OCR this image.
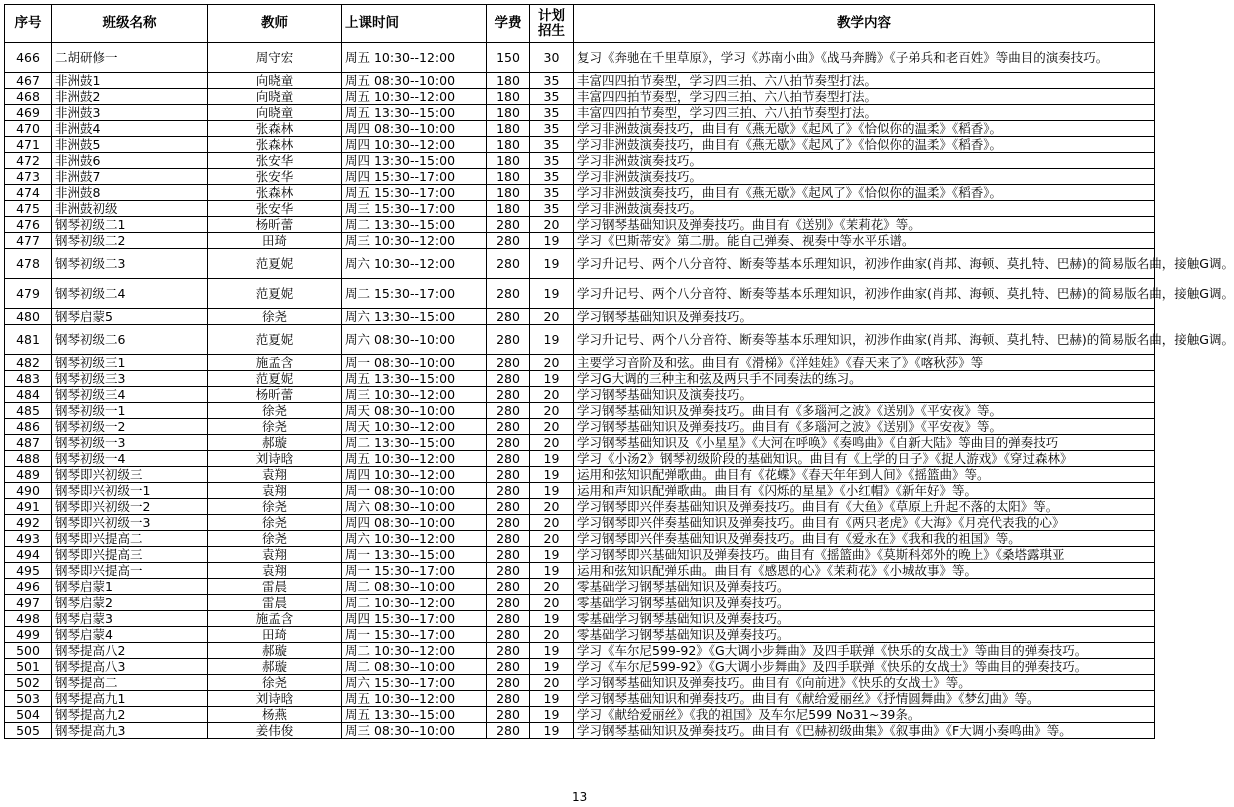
序号	班级名称	教师	上课时间	学费	计划招生	教学内容
466	二胡研修一	周守宏	周五 10:30--12:00	150	30	复习《奔驰在千里草原》，学习《苏南小曲》《战马奔腾》《子弟兵和老百姓》等曲目的演奏技巧。
467	非洲鼓1	向晓童	周五 08:30--10:00	180	35	丰富四四拍节奏型，学习四三拍、六八拍节奏型打法。
468	非洲鼓2	向晓童	周五 10:30--12:00	180	35	丰富四四拍节奏型，学习四三拍、六八拍节奏型打法。
469	非洲鼓3	向晓童	周五 13:30--15:00	180	35	丰富四四拍节奏型，学习四三拍、六八拍节奏型打法。
470	非洲鼓4	张森林	周四 08:30--10:00	180	35	学习非洲鼓演奏技巧，曲目有《燕无歇》《起风了》《恰似你的温柔》《稻香》。
471	非洲鼓5	张森林	周四 10:30--12:00	180	35	学习非洲鼓演奏技巧，曲目有《燕无歇》《起风了》《恰似你的温柔》《稻香》。
472	非洲鼓6	张安华	周四 13:30--15:00	180	35	学习非洲鼓演奏技巧。
473	非洲鼓7	张安华	周四 15:30--17:00	180	35	学习非洲鼓演奏技巧。
474	非洲鼓8	张森林	周五 15:30--17:00	180	35	学习非洲鼓演奏技巧，曲目有《燕无歇》《起风了》《恰似你的温柔》《稻香》。
475	非洲鼓初级	张安华	周三 15:30--17:00	180	35	学习非洲鼓演奏技巧。
476	钢琴初级二1	杨昕蕾	周二 13:30--15:00	280	20	学习钢琴基础知识及弹奏技巧。曲目有《送别》《茉莉花》等。
477	钢琴初级二2	田琦	周三 10:30--12:00	280	19	学习《巴斯蒂安》第二册。能自己弹奏、视奏中等水平乐谱。
478	钢琴初级二3	范夏妮	周六 10:30--12:00	280	19	学习升记号、两个八分音符、断奏等基本乐理知识，初涉作曲家(肖邦、海顿、莫扎特、巴赫)的简易版名曲，接触G调。
479	钢琴初级二4	范夏妮	周二 15:30--17:00	280	19	学习升记号、两个八分音符、断奏等基本乐理知识，初涉作曲家(肖邦、海顿、莫扎特、巴赫)的简易版名曲，接触G调。
480	钢琴启蒙5	徐尧	周六 13:30--15:00	280	20	学习钢琴基础知识及弹奏技巧。
481	钢琴初级二6	范夏妮	周六 08:30--10:00	280	19	学习升记号、两个八分音符、断奏等基本乐理知识，初涉作曲家(肖邦、海顿、莫扎特、巴赫)的简易版名曲，接触G调。
482	钢琴初级三1	施孟含	周一 08:30--10:00	280	20	主要学习音阶及和弦。曲目有《滑梯》《洋娃娃》《春天来了》《喀秋莎》等
483	钢琴初级三3	范夏妮	周五 13:30--15:00	280	19	学习G大调的三种主和弦及两只手不同奏法的练习。
484	钢琴初级三4	杨昕蕾	周三 10:30--12:00	280	20	学习钢琴基础知识及演奏技巧。
485	钢琴初级一1	徐尧	周天 08:30--10:00	280	20	学习钢琴基础知识及弹奏技巧。曲目有《多瑙河之波》《送别》《平安夜》等。
486	钢琴初级一2	徐尧	周天 10:30--12:00	280	20	学习钢琴基础知识及弹奏技巧。曲目有《多瑙河之波》《送别》《平安夜》等。
487	钢琴初级一3	郝璇	周二 13:30--15:00	280	20	学习钢琴基础知识及《小星星》《大河在呼唤》《奏鸣曲》《自新大陆》等曲目的弹奏技巧
488	钢琴初级一4	刘诗晗	周五 10:30--12:00	280	19	学习《小汤2》钢琴初级阶段的基础知识。曲目有《上学的日子》《捉人游戏》《穿过森林》
489	钢琴即兴初级三	袁翔	周四 10:30--12:00	280	19	运用和弦知识配弹歌曲。曲目有《花蝶》《春天年年到人间》《摇篮曲》等。
490	钢琴即兴初级一1	袁翔	周一 08:30--10:00	280	19	运用和声知识配弹歌曲。曲目有《闪烁的星星》《小红帽》《新年好》等。
491	钢琴即兴初级一2	徐尧	周六 08:30--10:00	280	20	学习钢琴即兴伴奏基础知识及弹奏技巧。曲目有《大鱼》《草原上升起不落的太阳》等。
492	钢琴即兴初级一3	徐尧	周四 08:30--10:00	280	20	学习钢琴即兴伴奏基础知识及弹奏技巧。曲目有《两只老虎》《大海》《月亮代表我的心》
493	钢琴即兴提高二	徐尧	周六 10:30--12:00	280	20	学习钢琴即兴伴奏基础知识及弹奏技巧。曲目有《爱永在》《我和我的祖国》等。
494	钢琴即兴提高三	袁翔	周一 13:30--15:00	280	19	学习钢琴即兴基础知识及弹奏技巧。曲目有《摇篮曲》《莫斯科郊外的晚上》《桑塔露琪亚
495	钢琴即兴提高一	袁翔	周一 15:30--17:00	280	19	运用和弦知识配弹乐曲。曲目有《感恩的心》《茉莉花》《小城故事》等。
496	钢琴启蒙1	雷晨	周二 08:30--10:00	280	20	零基础学习钢琴基础知识及弹奏技巧。
497	钢琴启蒙2	雷晨	周二 10:30--12:00	280	20	零基础学习钢琴基础知识及弹奏技巧。
498	钢琴启蒙3	施孟含	周四 15:30--17:00	280	19	零基础学习钢琴基础知识及弹奏技巧。
499	钢琴启蒙4	田琦	周一 15:30--17:00	280	20	零基础学习钢琴基础知识及弹奏技巧。
500	钢琴提高八2	郝璇	周二 10:30--12:00	280	19	学习《车尔尼599-92》《G大调小步舞曲》及四手联弹《快乐的女战士》等曲目的弹奏技巧。
501	钢琴提高八3	郝璇	周二 08:30--10:00	280	19	学习《车尔尼599-92》《G大调小步舞曲》及四手联弹《快乐的女战士》等曲目的弹奏技巧。
502	钢琴提高二	徐尧	周六 15:30--17:00	280	20	学习钢琴基础知识及弹奏技巧。曲目有《向前进》《快乐的女战士》等。
503	钢琴提高九1	刘诗晗	周五 10:30--12:00	280	19	学习钢琴基础知识和弹奏技巧。曲目有《献给爱丽丝》《抒情圆舞曲》《梦幻曲》等。
504	钢琴提高九2	杨燕	周五 13:30--15:00	280	19	学习《献给爱丽丝》《我的祖国》及车尔尼599 No31~39条。
505	钢琴提高九3	姜伟俊	周三 08:30--10:00	280	19	学习钢琴基础知识及弹奏技巧。曲目有《巴赫初级曲集》《叙事曲》《F大调小奏鸣曲》等。
13
